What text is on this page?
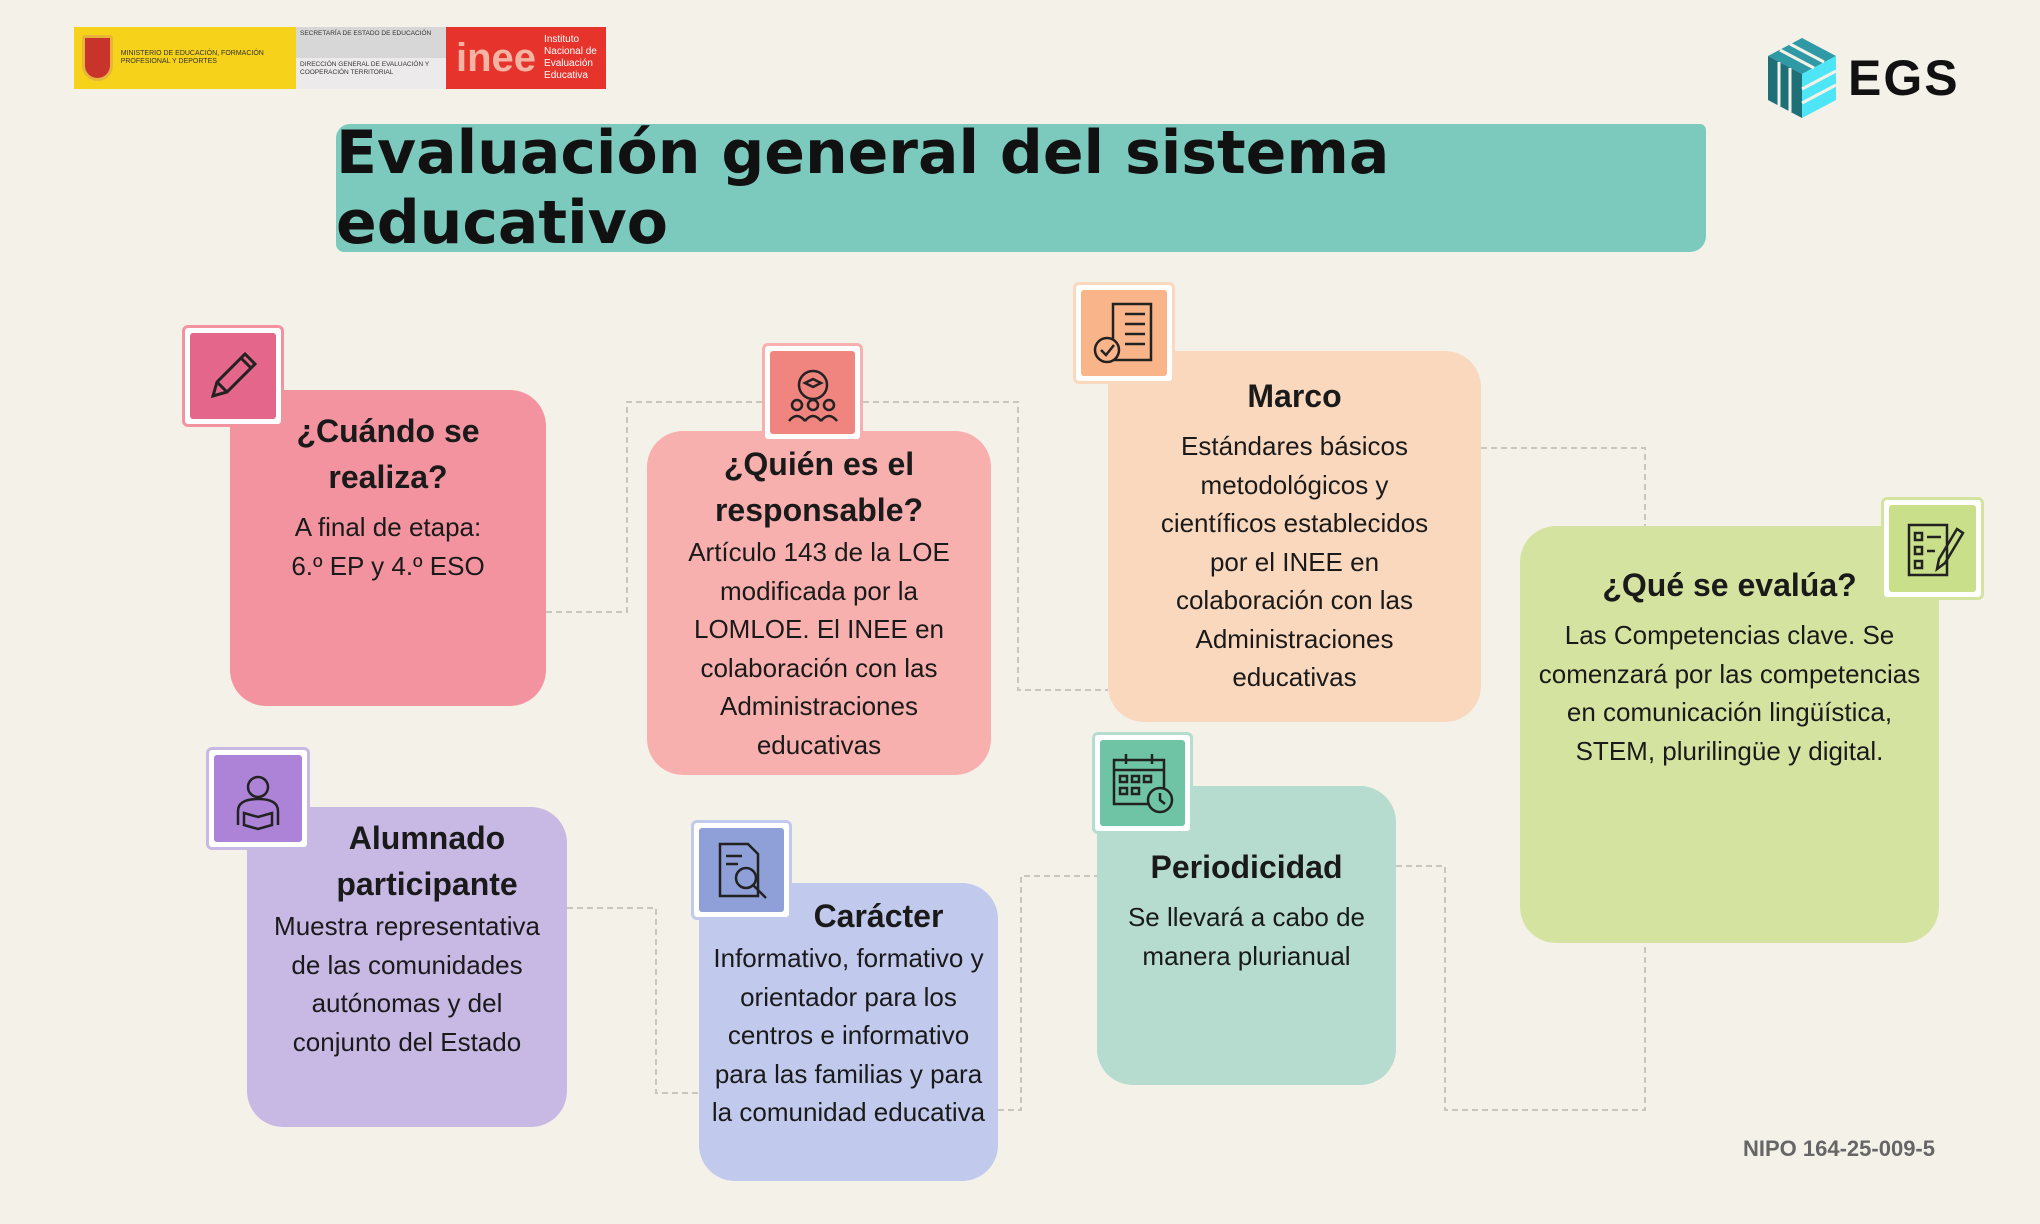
MINISTERIO DE EDUCACIÓN, FORMACIÓN PROFESIONAL Y DEPORTES
SECRETARÍA DE ESTADO DE EDUCACIÓN
DIRECCIÓN GENERAL DE EVALUACIÓN Y COOPERACIÓN TERRITORIAL	inee Instituto Nacional de Evaluación Educativa	EGS
Evaluación general del sistema educativo
¿Cuándo se realiza?

A final de etapa: 6.º EP y 4.º ESO

¿Quién es el responsable?

Artículo 143 de la LOE modificada por la LOMLOE. El INEE en colaboración con las Administraciones educativas

Marco

Estándares básicos metodológicos y científicos establecidos por el INEE en colaboración con las Administraciones educativas

¿Qué se evalúa?

Las Competencias clave. Se comenzará por las competencias en comunicación lingüística, STEM, plurilingüe y digital.

Alumnado participante

Muestra representativa de las comunidades autónomas y del conjunto del Estado

Carácter

Informativo, formativo y orientador para los centros e informativo para las familias y para la comunidad educativa

Periodicidad

Se llevará a cabo de manera plurianual

NIPO 164-25-009-5
